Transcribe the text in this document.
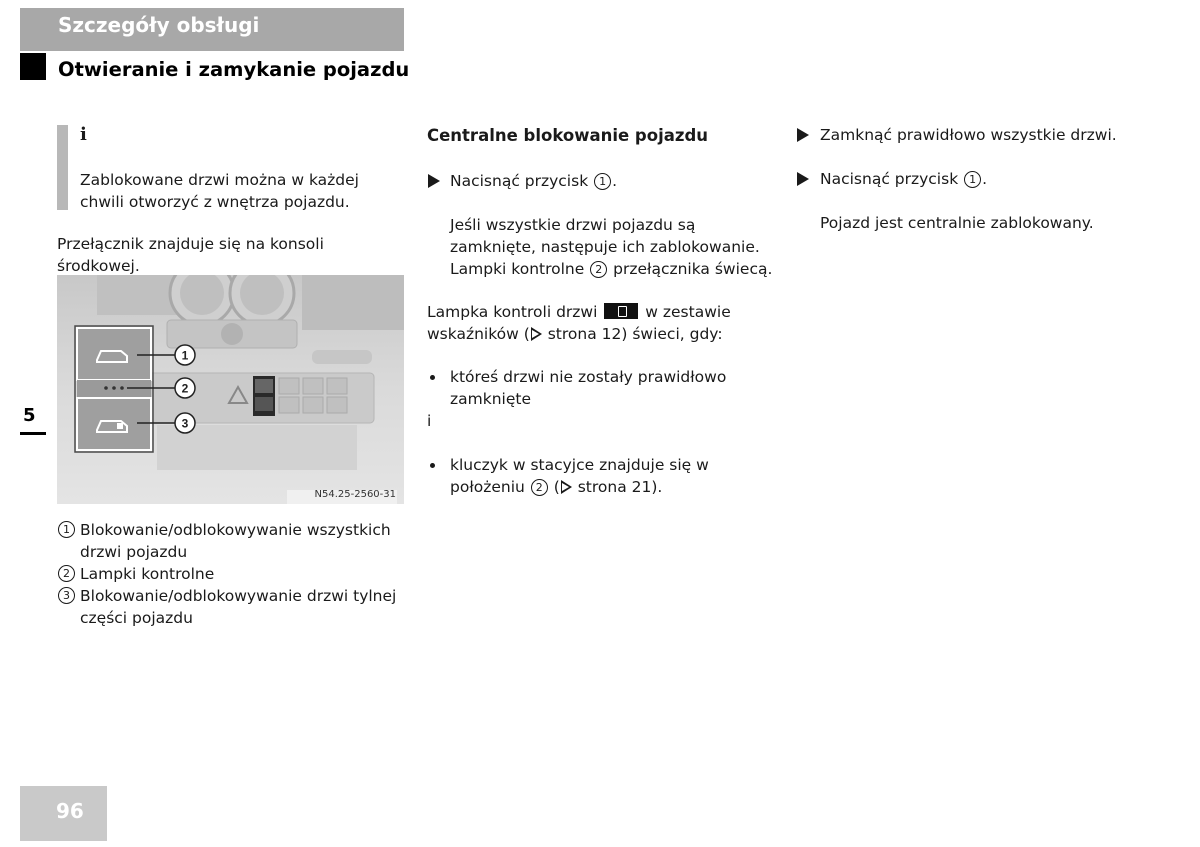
Szczegóły obsługi
Otwieranie i zamykanie pojazdu
5
i
Zablokowane drzwi można w każdej chwili otworzyć z wnętrza pojazdu.
Przełącznik znajduje się na konsoli środkowej.
1
2
3
N54.25-2560-31
1 Blokowanie/odblokowywanie wszystkich drzwi pojazdu
2 Lampki kontrolne
3 Blokowanie/odblokowywanie drzwi tylnej części pojazdu
Centralne blokowanie pojazdu
Nacisnąć przycisk 1 .
Jeśli wszystkie drzwi pojazdu są zamknięte, następuje ich zablokowanie. Lampki kontrolne 2 przełącznika świecą.
Lampka kontroli drzwi	w zestawie wskaźników ( strona 12) świeci, gdy:
któreś drzwi nie zostały prawidłowo zamknięte
i
kluczyk w stacyjce znajduje się w położeniu 2 ( strona 21).
Zamknąć prawidłowo wszystkie drzwi.
Nacisnąć przycisk 1 .
Pojazd jest centralnie zablokowany.
96
